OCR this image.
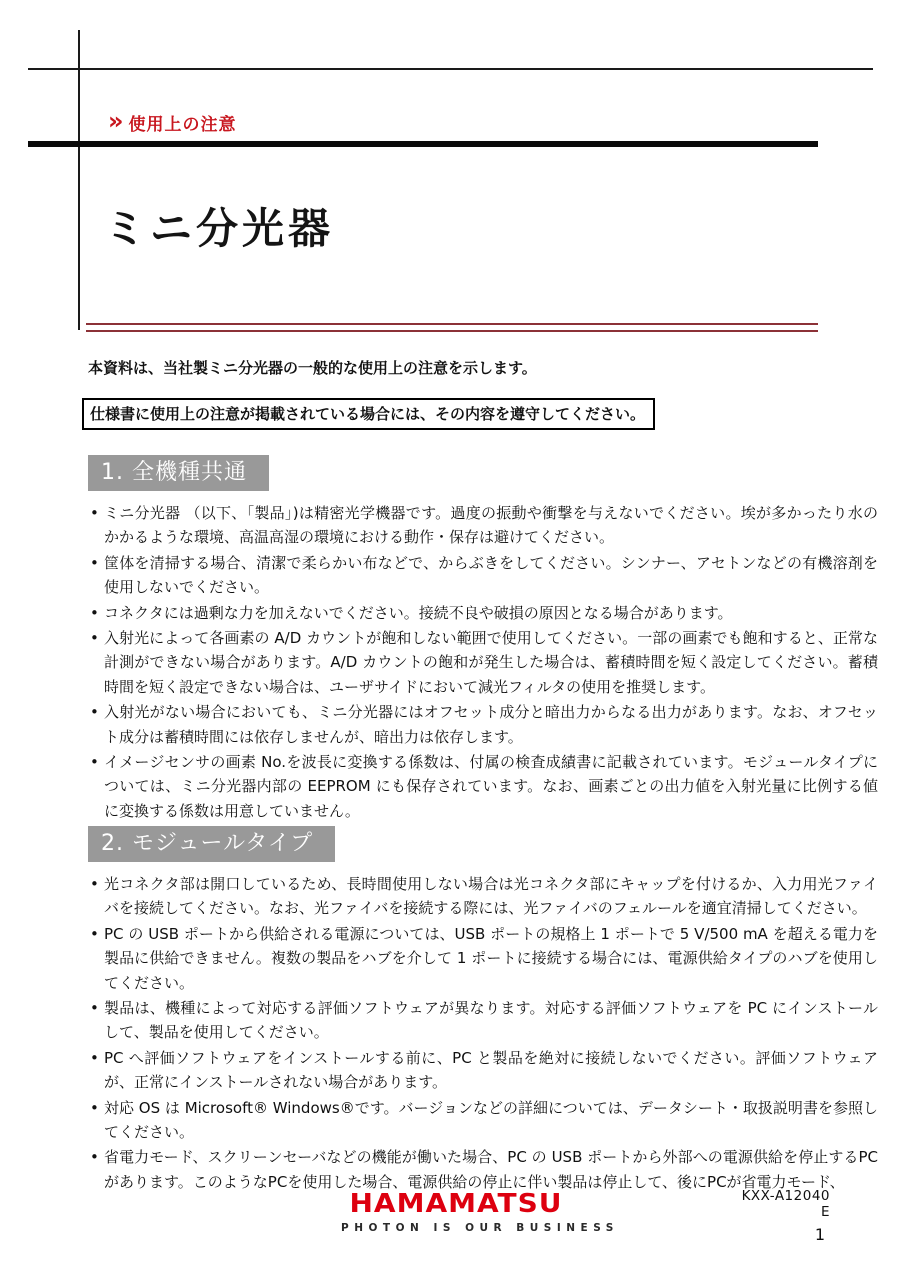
» 使用上の注意
ミニ分光器

本資料は、当社製ミニ分光器の一般的な使用上の注意を示します。

仕様書に使用上の注意が掲載されている場合には、その内容を遵守してください。
1. 全機種共通
• ミニ分光器 （以下、「製品」)は精密光学機器です。過度の振動や衝撃を与えないでください。埃が多かったり水のかかるような環境、高温高湿の環境における動作・保存は避けてください。
• 筐体を清掃する場合、清潔で柔らかい布などで、からぶきをしてください。シンナー、アセトンなどの有機溶剤を使用しないでください。
• コネクタには過剰な力を加えないでください。接続不良や破損の原因となる場合があります。
• 入射光によって各画素の A/D カウントが飽和しない範囲で使用してください。一部の画素でも飽和すると、正常な計測ができない場合があります。A/D カウントの飽和が発生した場合は、蓄積時間を短く設定してください。蓄積時間を短く設定できない場合は、ユーザサイドにおいて減光フィルタの使用を推奨します。
• 入射光がない場合においても、ミニ分光器にはオフセット成分と暗出力からなる出力があります。なお、オフセット成分は蓄積時間には依存しませんが、暗出力は依存します。
• イメージセンサの画素 No.を波長に変換する係数は、付属の検査成績書に記載されています。モジュールタイプについては、ミニ分光器内部の EEPROM にも保存されています。なお、画素ごとの出力値を入射光量に比例する値に変換する係数は用意していません。
2. モジュールタイプ
• 光コネクタ部は開口しているため、長時間使用しない場合は光コネクタ部にキャップを付けるか、入力用光ファイバを接続してください。なお、光ファイバを接続する際には、光ファイバのフェルールを適宜清掃してください。
• PC の USB ポートから供給される電源については、USB ポートの規格上 1 ポートで 5 V/500 mA を超える電力を製品に供給できません。複数の製品をハブを介して 1 ポートに接続する場合には、電源供給タイプのハブを使用してください。
• 製品は、機種によって対応する評価ソフトウェアが異なります。対応する評価ソフトウェアを PC にインストールして、製品を使用してください。
• PC へ評価ソフトウェアをインストールする前に、PC と製品を絶対に接続しないでください。評価ソフトウェアが、正常にインストールされない場合があります。
• 対応 OS は Microsoft® Windows®です。バージョンなどの詳細については、データシート・取扱説明書を参照してください。
• 省電力モード、スクリーンセーバなどの機能が働いた場合、PC の USB ポートから外部への電源供給を停止するPC があります。このようなPCを使用した場合、電源供給の停止に伴い製品は停止して、後にPCが省電力モード、
HAMAMATSU
PHOTON IS OUR BUSINESS
KXX-A12040 E
1
